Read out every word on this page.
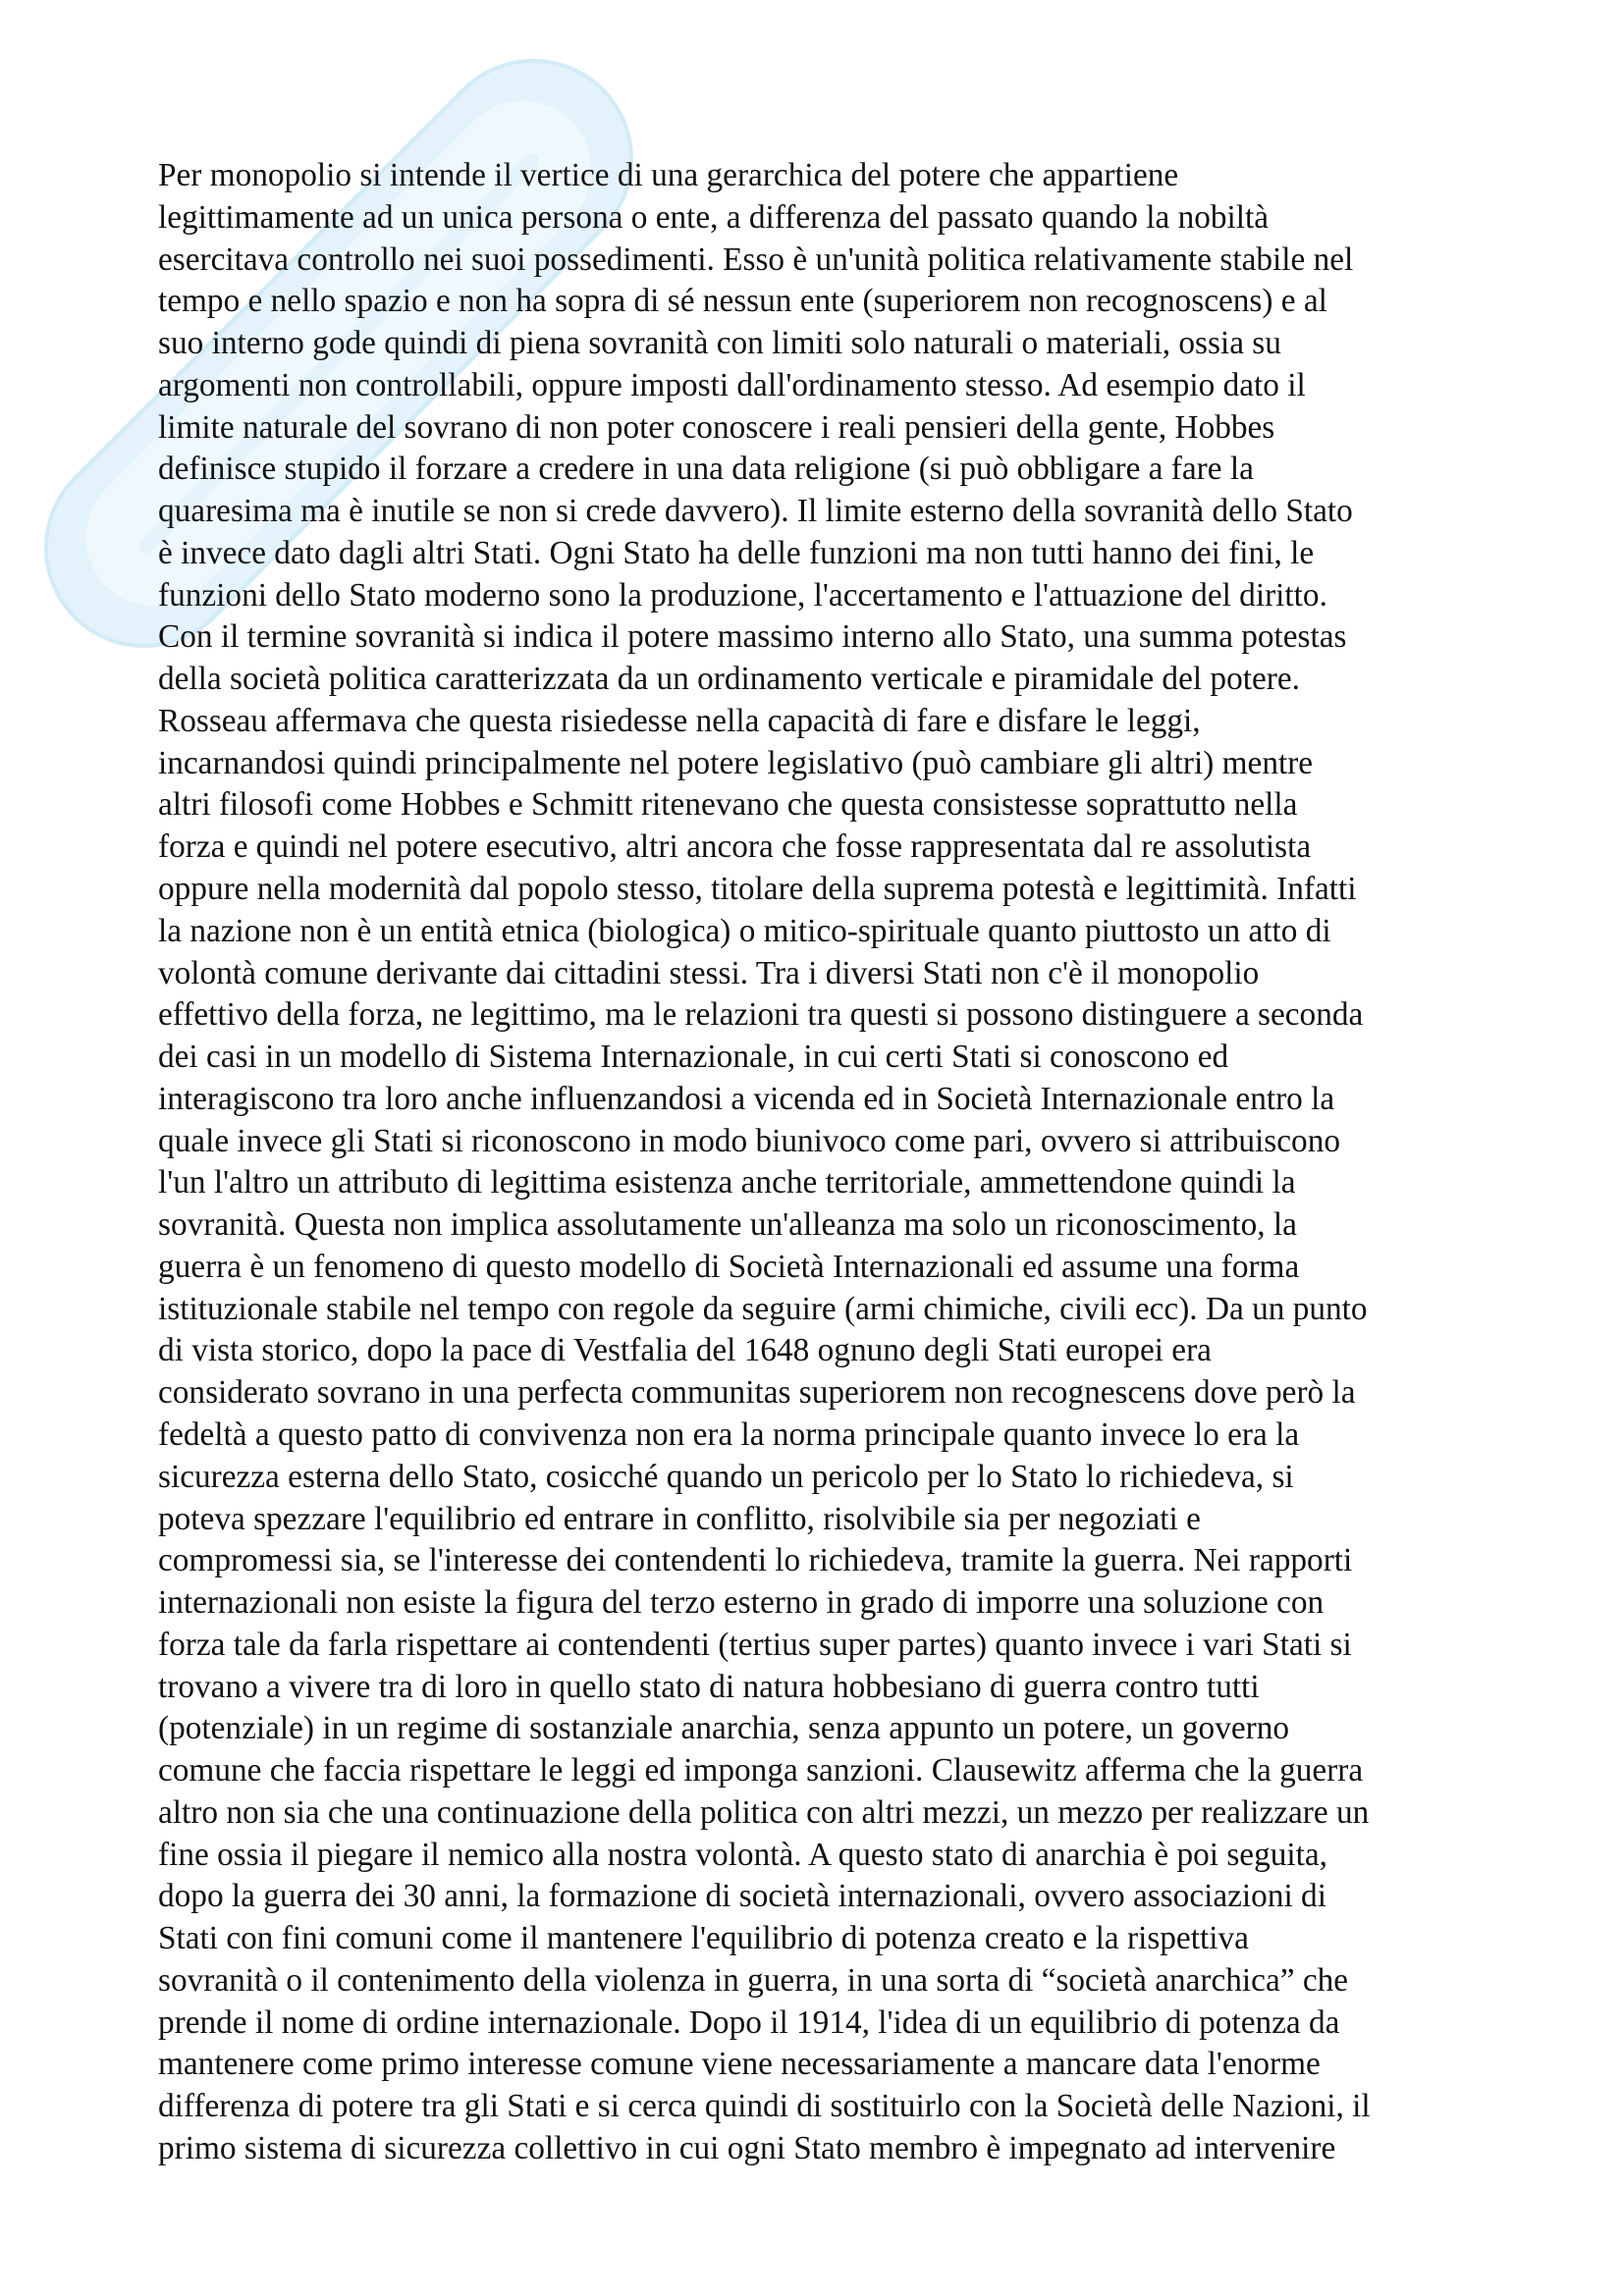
Per monopolio si intende il vertice di una gerarchica del potere che appartiene
legittimamente ad un unica persona o ente, a differenza del passato quando la nobiltà
esercitava controllo nei suoi possedimenti. Esso è un'unità politica relativamente stabile nel
tempo e nello spazio e non ha sopra di sé nessun ente (superiorem non recognoscens) e al
suo interno gode quindi di piena sovranità con limiti solo naturali o materiali, ossia su
argomenti non controllabili, oppure imposti dall'ordinamento stesso. Ad esempio dato il
limite naturale del sovrano di non poter conoscere i reali pensieri della gente, Hobbes
definisce stupido il forzare a credere in una data religione (si può obbligare a fare la
quaresima ma è inutile se non si crede davvero). Il limite esterno della sovranità dello Stato
è invece dato dagli altri Stati. Ogni Stato ha delle funzioni ma non tutti hanno dei fini, le
funzioni dello Stato moderno sono la produzione, l'accertamento e l'attuazione del diritto.
Con il termine sovranità si indica il potere massimo interno allo Stato, una summa potestas
della società politica caratterizzata da un ordinamento verticale e piramidale del potere.
Rosseau affermava che questa risiedesse nella capacità di fare e disfare le leggi,
incarnandosi quindi principalmente nel potere legislativo (può cambiare gli altri) mentre
altri filosofi come Hobbes e Schmitt ritenevano che questa consistesse soprattutto nella
forza e quindi nel potere esecutivo, altri ancora che fosse rappresentata dal re assolutista
oppure nella modernità dal popolo stesso, titolare della suprema potestà e legittimità. Infatti
la nazione non è un entità etnica (biologica) o mitico-spirituale quanto piuttosto un atto di
volontà comune derivante dai cittadini stessi. Tra i diversi Stati non c'è il monopolio
effettivo della forza, ne legittimo, ma le relazioni tra questi si possono distinguere a seconda
dei casi in un modello di Sistema Internazionale, in cui certi Stati si conoscono ed
interagiscono tra loro anche influenzandosi a vicenda ed in Società Internazionale entro la
quale invece gli Stati si riconoscono in modo biunivoco come pari, ovvero si attribuiscono
l'un l'altro un attributo di legittima esistenza anche territoriale, ammettendone quindi la
sovranità. Questa non implica assolutamente un'alleanza ma solo un riconoscimento, la
guerra è un fenomeno di questo modello di Società Internazionali ed assume una forma
istituzionale stabile nel tempo con regole da seguire (armi chimiche, civili ecc). Da un punto
di vista storico, dopo la pace di Vestfalia del 1648 ognuno degli Stati europei era
considerato sovrano in una perfecta communitas superiorem non recognescens dove però la
fedeltà a questo patto di convivenza non era la norma principale quanto invece lo era la
sicurezza esterna dello Stato, cosicché quando un pericolo per lo Stato lo richiedeva, si
poteva spezzare l'equilibrio ed entrare in conflitto, risolvibile sia per negoziati e
compromessi sia, se l'interesse dei contendenti lo richiedeva, tramite la guerra. Nei rapporti
internazionali non esiste la figura del terzo esterno in grado di imporre una soluzione con
forza tale da farla rispettare ai contendenti (tertius super partes) quanto invece i vari Stati si
trovano a vivere tra di loro in quello stato di natura hobbesiano di guerra contro tutti
(potenziale) in un regime di sostanziale anarchia, senza appunto un potere, un governo
comune che faccia rispettare le leggi ed imponga sanzioni. Clausewitz afferma che la guerra
altro non sia che una continuazione della politica con altri mezzi, un mezzo per realizzare un
fine ossia il piegare il nemico alla nostra volontà. A questo stato di anarchia è poi seguita,
dopo la guerra dei 30 anni, la formazione di società internazionali, ovvero associazioni di
Stati con fini comuni come il mantenere l'equilibrio di potenza creato e la rispettiva
sovranità o il contenimento della violenza in guerra, in una sorta di “società anarchica” che
prende il nome di ordine internazionale. Dopo il 1914, l'idea di un equilibrio di potenza da
mantenere come primo interesse comune viene necessariamente a mancare data l'enorme
differenza di potere tra gli Stati e si cerca quindi di sostituirlo con la Società delle Nazioni, il
primo sistema di sicurezza collettivo in cui ogni Stato membro è impegnato ad intervenire
